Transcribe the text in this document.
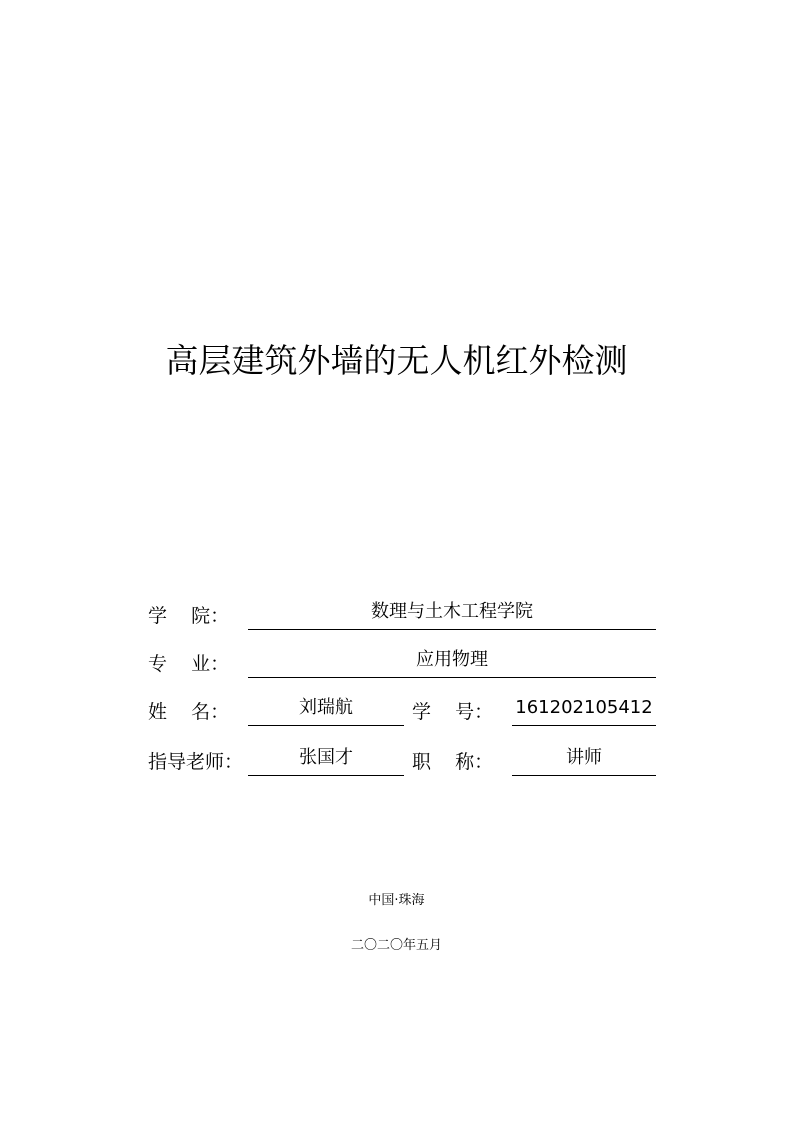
高层建筑外墙的无人机红外检测
学    院：	数理与土木工程学院
专    业：	应用物理
姓    名：	刘瑞航	学    号： 161202105412
指导老师：	张国才	职    称：	讲师
中国·珠海
二〇二〇年五月
